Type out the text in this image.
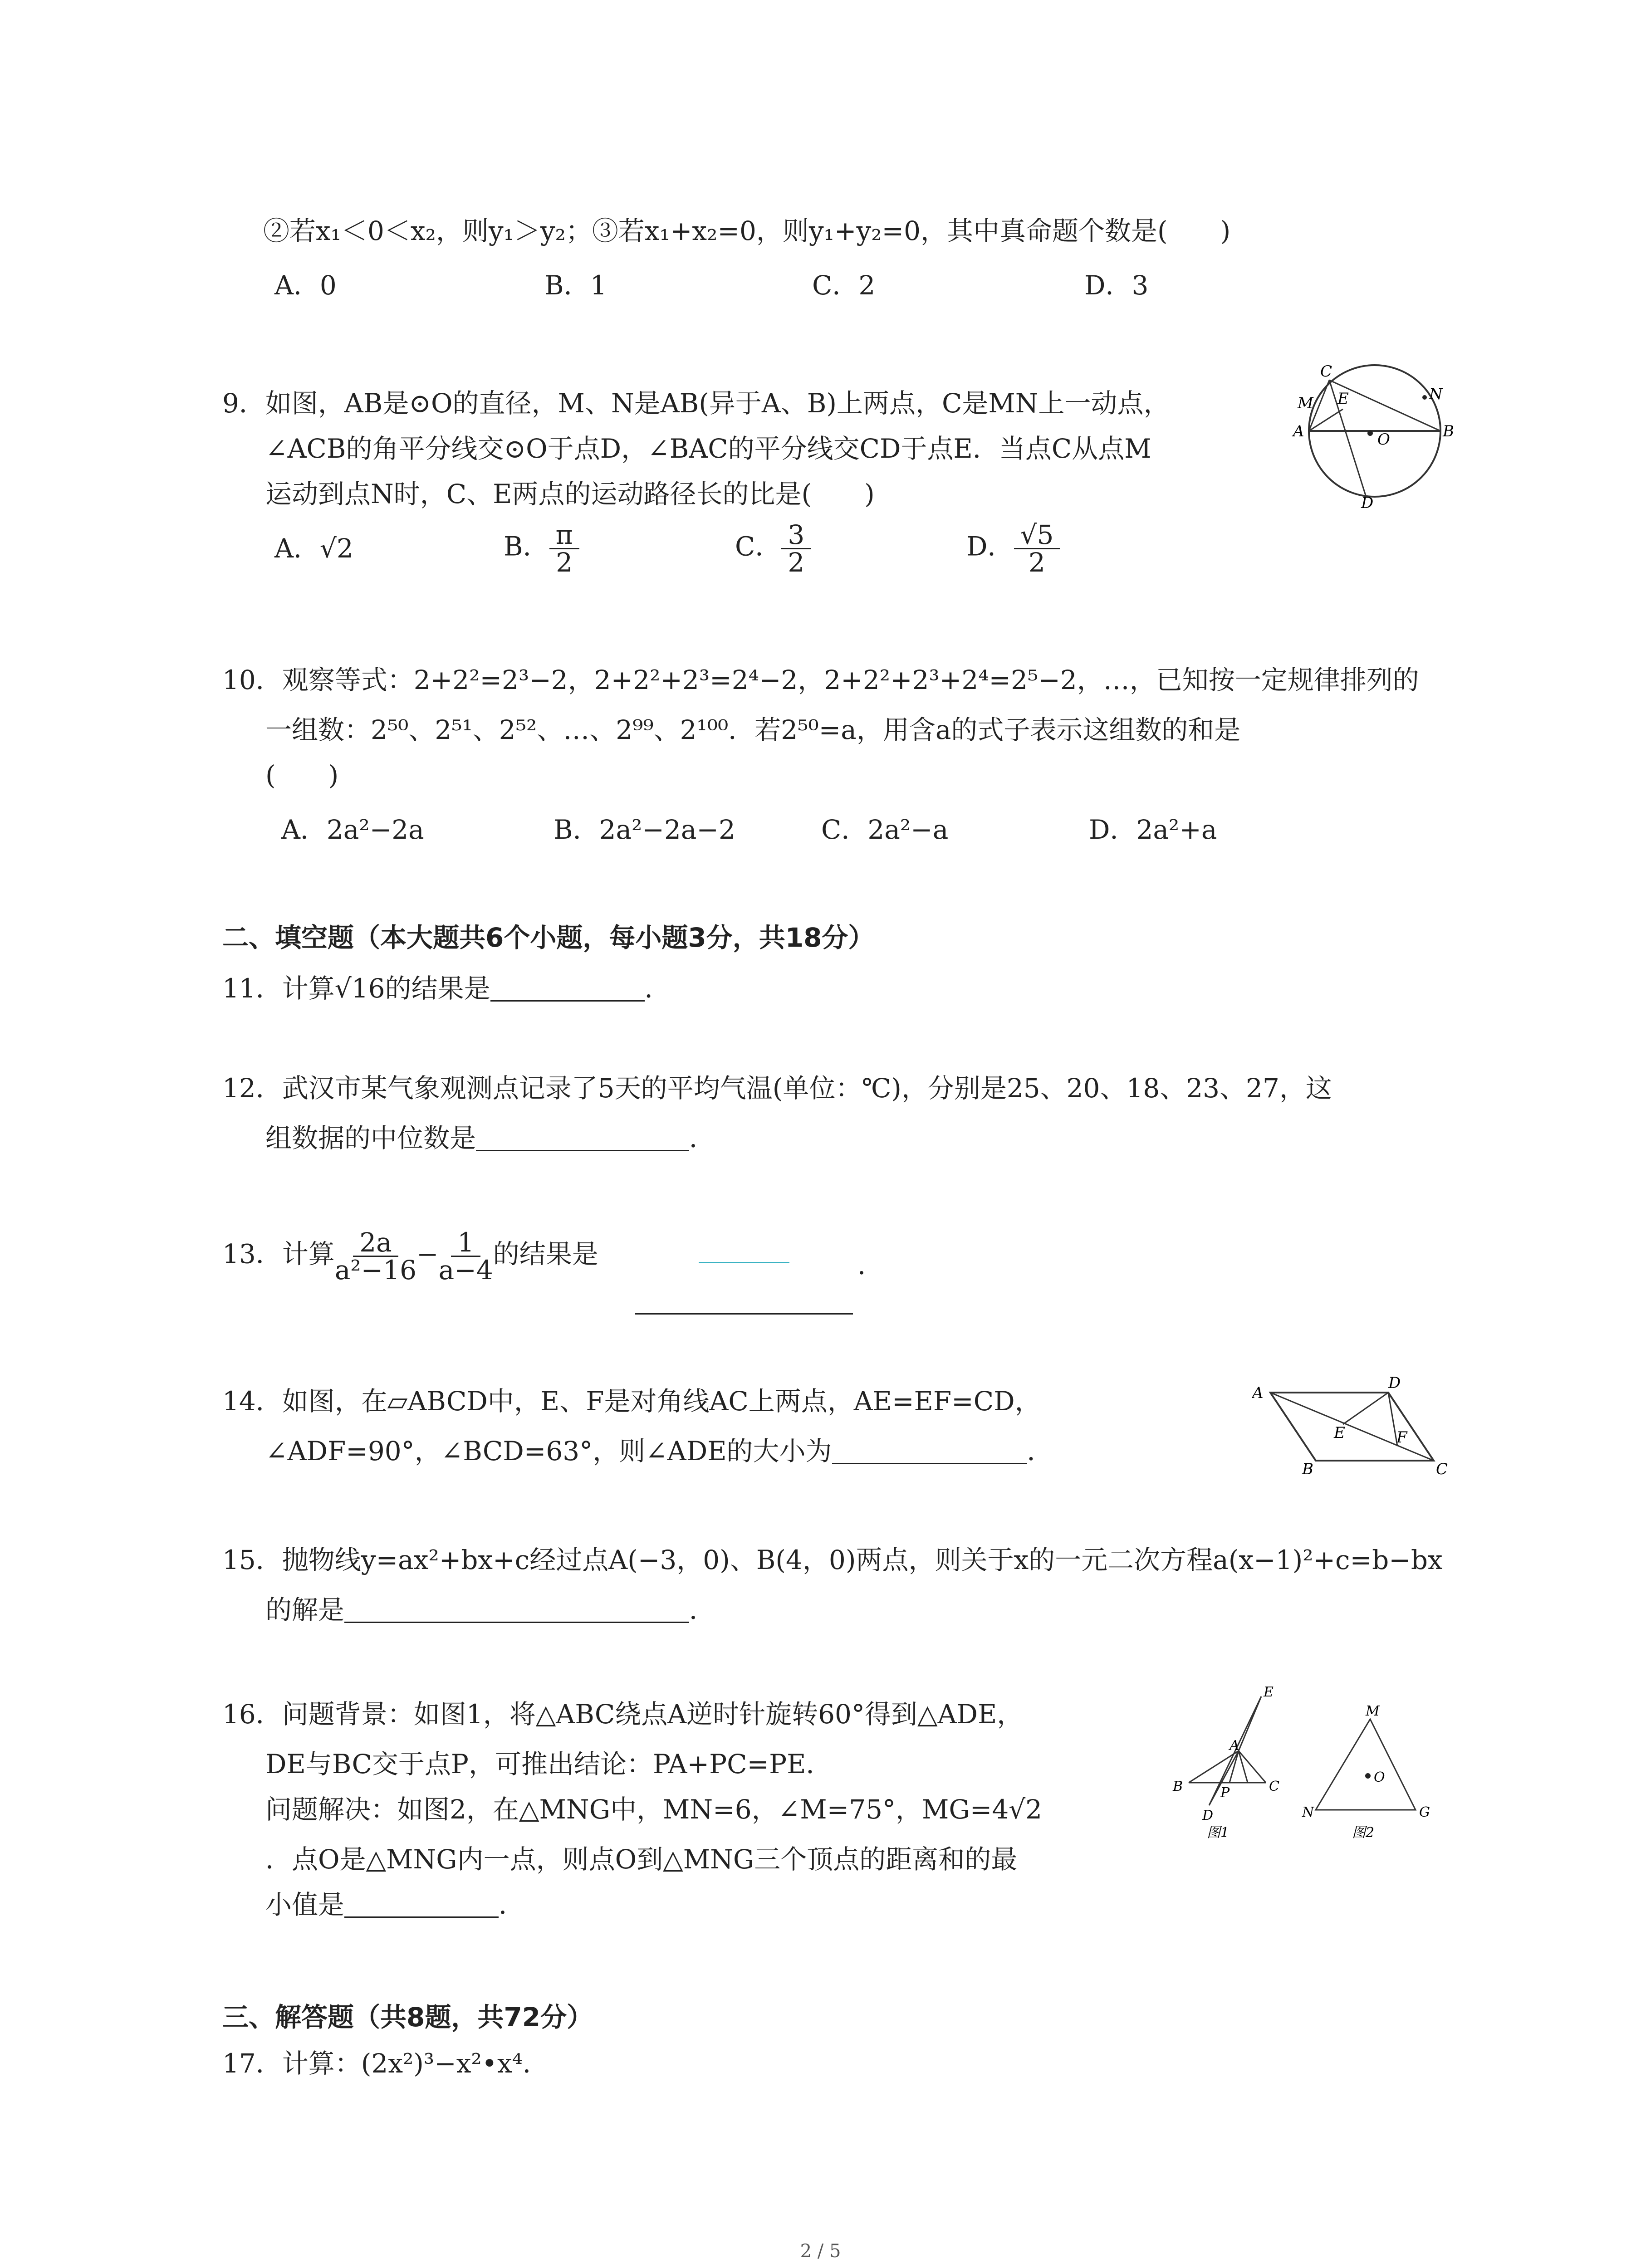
②若x₁＜0＜x₂，则y₁＞y₂；③若x₁+x₂=0，则y₁+y₂=0，其中真命题个数是(　　)
A．0	B．1	C．2	D．3
9．如图，AB是⊙O的直径，M、N是AB(异于A、B)上两点，C是MN上一动点，
∠ACB的角平分线交⊙O于点D，∠BAC的平分线交CD于点E．当点C从点M
运动到点N时，C、E两点的运动路径长的比是(　　)
A．√2	B． $\frac{\pi}{2}$	C． $\frac{3}{2}$	D． $\frac{√5}{2}$
C
M E	N
A	O	B
D
10．观察等式：2+2²=2³−2，2+2²+2³=2⁴−2，2+2²+2³+2⁴=2⁵−2，…，已知按一定规律排列的
一组数：2⁵⁰、2⁵¹、2⁵²、…、2⁹⁹、2¹⁰⁰．若2⁵⁰=a，用含a的式子表示这组数的和是
(　　)
A．2a²−2a	B．2a²−2a−2	C．2a²−a	D．2a²+a
二、填空题（本大题共6个小题，每小题3分，共18分）
11．计算√16的结果是	．
12．武汉市某气象观测点记录了5天的平均气温(单位：℃)，分别是25、20、18、23、27，这
组数据的中位数是	．
13．计算 $\frac{2a}{\text{a²−16}} - \frac{1}{a-4}$ 的结果是	．
14．如图，在▱ABCD中，E、F是对角线AC上两点，AE=EF=CD，
∠ADF=90°，∠BCD=63°，则∠ADE的大小为	．
A
D
E	F
B	C
15．抛物线y=ax²+bx+c经过点A(−3，0)、B(4，0)两点，则关于x的一元二次方程a(x−1)²+c=b−bx
的解是	．
16．问题背景：如图1，将△ABC绕点A逆时针旋转60°得到△ADE，
DE与BC交于点P，可推出结论：PA+PC=PE．
问题解决：如图2，在△MNG中，MN=6，∠M=75°，MG=4√2
．点O是△MNG内一点，则点O到△MNG三个顶点的距离和的最
小值是	．
E
A
B	P	C
D
图1
M
O
N	G
图2
三、解答题（共8题，共72分）
17．计算：(2x²)³−x²•x⁴．
2 / 5
